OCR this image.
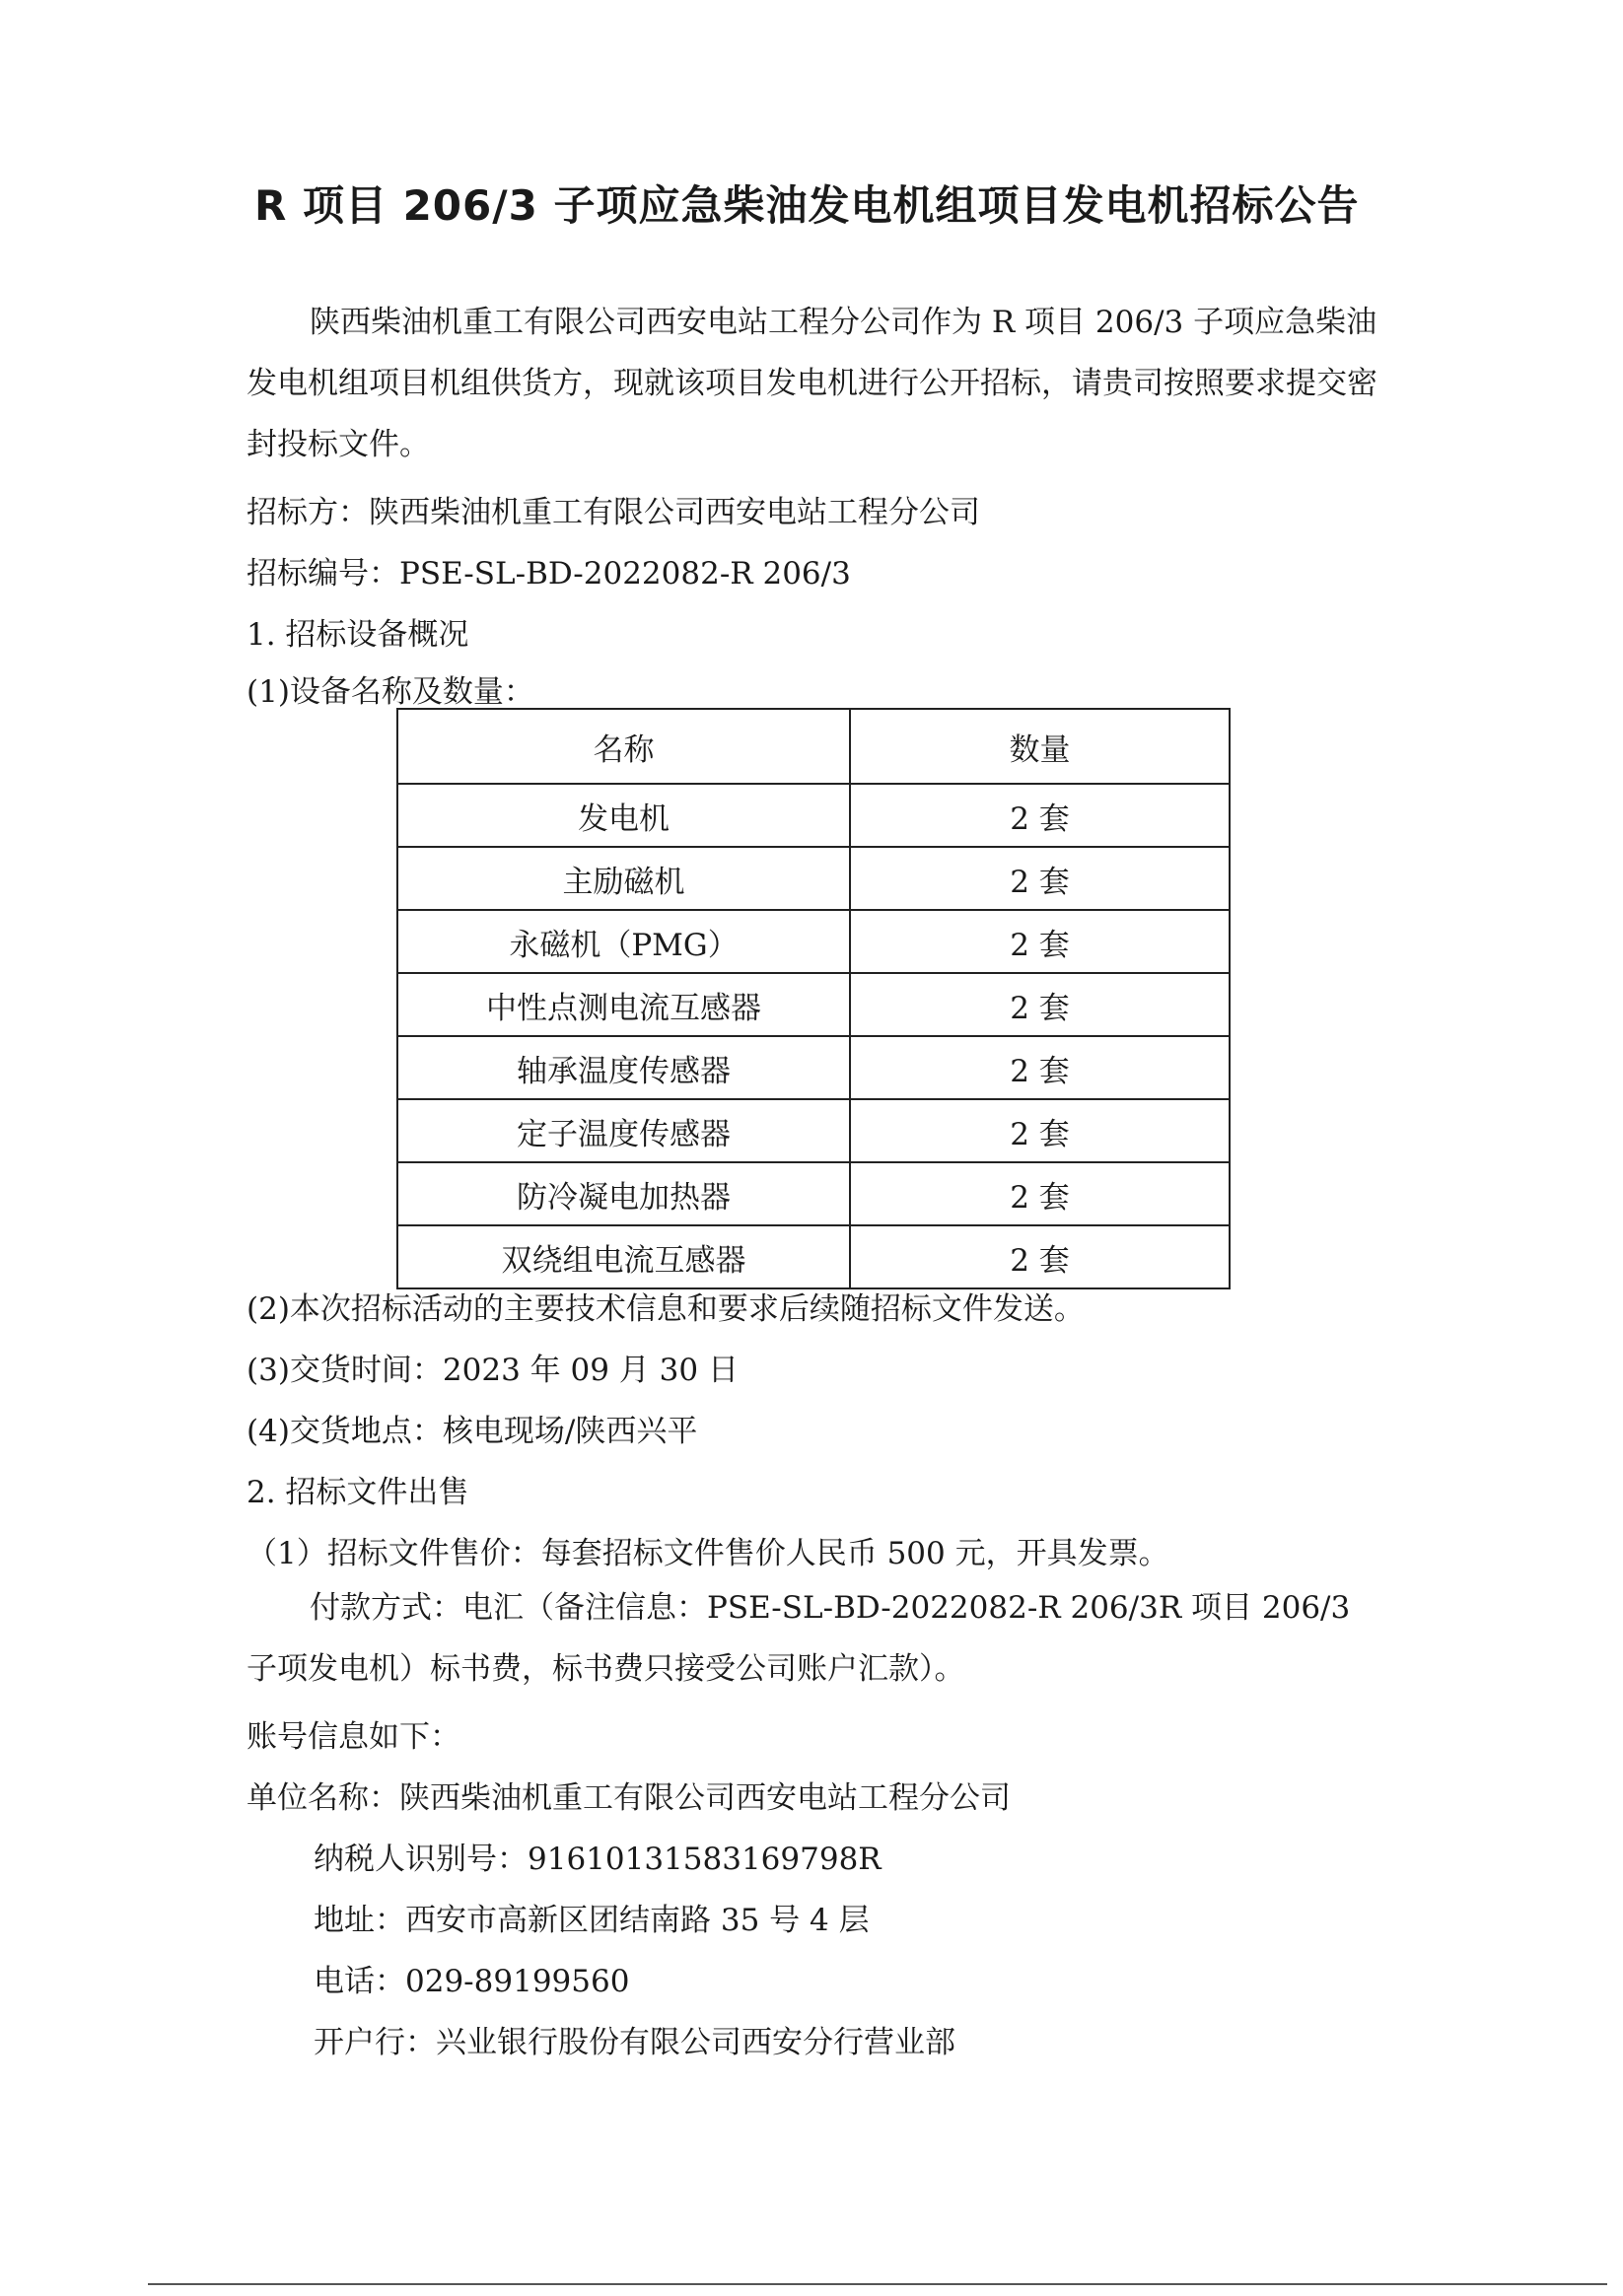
R 项目 206/3 子项应急柴油发电机组项目发电机招标公告
陕西柴油机重工有限公司西安电站工程分公司作为 R 项目 206/3 子项应急柴油发电机组项目机组供货方，现就该项目发电机进行公开招标，请贵司按照要求提交密封投标文件。
招标方：陕西柴油机重工有限公司西安电站工程分公司
招标编号：PSE-SL-BD-2022082-R 206/3
1. 招标设备概况
(1)设备名称及数量：
名称	数量
发电机	2 套
主励磁机	2 套
永磁机（PMG）	2 套
中性点测电流互感器	2 套
轴承温度传感器	2 套
定子温度传感器	2 套
防冷凝电加热器	2 套
双绕组电流互感器	2 套
(2)本次招标活动的主要技术信息和要求后续随招标文件发送。
(3)交货时间：2023 年 09 月 30 日
(4)交货地点：核电现场/陕西兴平
2. 招标文件出售
（1）招标文件售价：每套招标文件售价人民币 500 元，开具发票。
付款方式：电汇（备注信息：PSE-SL-BD-2022082-R 206/3R 项目 206/3 子项发电机）标书费，标书费只接受公司账户汇款）。
账号信息如下：
单位名称：陕西柴油机重工有限公司西安电站工程分公司
纳税人识别号：91610131583169798R
地址：西安市高新区团结南路 35 号 4 层
电话：029-89199560
开户行：兴业银行股份有限公司西安分行营业部
